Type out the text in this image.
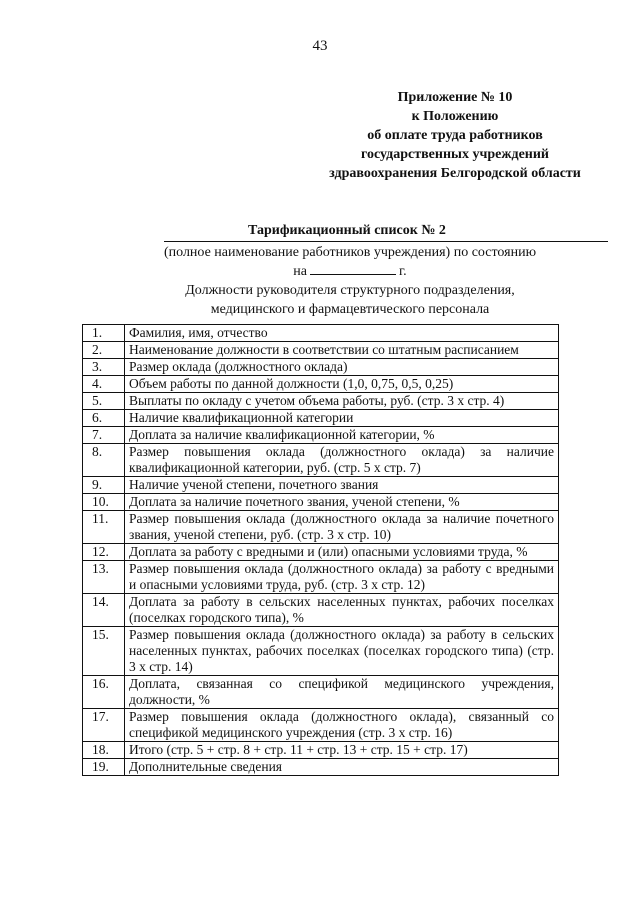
43
Приложение № 10
к Положению
об оплате труда работников
государственных учреждений
здравоохранения Белгородской области
Тарификационный список № 2
(полное наименование работников учреждения) по состоянию
на	г.
Должности руководителя структурного подразделения,
медицинского и фармацевтического персонала
1.	Фамилия, имя, отчество
2.	Наименование должности в соответствии со штатным расписанием
3.	Размер оклада (должностного оклада)
4.	Объем работы по данной должности (1,0, 0,75, 0,5, 0,25)
5.	Выплаты по окладу с учетом объема работы, руб. (стр. 3 х стр. 4)
6.	Наличие квалификационной категории
7.	Доплата за наличие квалификационной категории, %
8.	Размер повышения оклада (должностного оклада) за наличие квалификационной категории, руб. (стр. 5 х стр. 7)
9.	Наличие ученой степени, почетного звания
10.	Доплата за наличие почетного звания, ученой степени, %
11.	Размер повышения оклада (должностного оклада за наличие почетного звания, ученой степени, руб. (стр. 3 х стр. 10)
12.	Доплата за работу с вредными и (или) опасными условиями труда, %
13.	Размер повышения оклада (должностного оклада) за работу с вредными и опасными условиями труда, руб. (стр. 3 х стр. 12)
14.	Доплата за работу в сельских населенных пунктах, рабочих поселках (поселках городского типа), %
15.	Размер повышения оклада (должностного оклада) за работу в сельских населенных пунктах, рабочих поселках (поселках городского типа) (стр. 3 х стр. 14)
16.	Доплата, связанная со спецификой медицинского учреждения, должности, %
17.	Размер повышения оклада (должностного оклада), связанный со спецификой медицинского учреждения (стр. 3 х стр. 16)
18.	Итого (стр. 5 + стр. 8 + стр. 11 + стр. 13 + стр. 15 + стр. 17)
19.	Дополнительные сведения
